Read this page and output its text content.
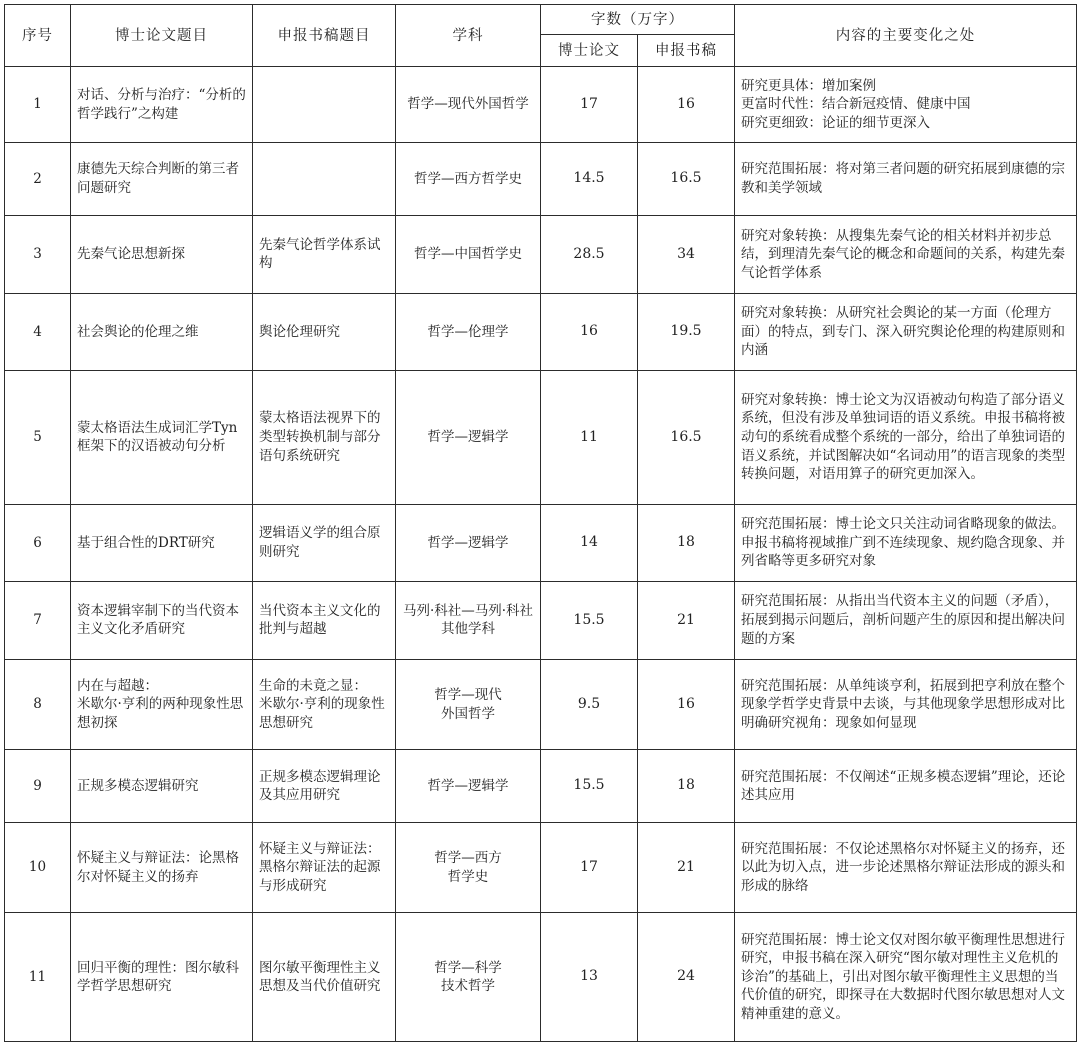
序号	博士论文题目	申报书稿题目	学科	字数（万字）		内容的主要变化之处
				博士论文	申报书稿	
1	对话、分析与治疗：“分析的哲学践行”之构建		哲学—现代外国哲学	17	16	研究更具体：增加案例
更富时代性：结合新冠疫情、健康中国
研究更细致：论证的细节更深入

2	康德先天综合判断的第三者问题研究		哲学—西方哲学史	14.5	16.5	研究范围拓展：将对第三者问题的研究拓展到康德的宗教和美学领域
3	先秦气论思想新探	先秦气论哲学体系试构	哲学—中国哲学史	28.5	34	研究对象转换：从搜集先秦气论的相关材料并初步总结，到理清先秦气论的概念和命题间的关系，构建先秦气论哲学体系
4	社会舆论的伦理之维	舆论伦理研究	哲学—伦理学	16	19.5	研究对象转换：从研究社会舆论的某一方面（伦理方面）的特点，到专门、深入研究舆论伦理的构建原则和内涵
5	蒙太格语法生成词汇学Tyn框架下的汉语被动句分析	蒙太格语法视界下的类型转换机制与部分语句系统研究	哲学—逻辑学	11	16.5	研究对象转换：博士论文为汉语被动句构造了部分语义系统，但没有涉及单独词语的语义系统。申报书稿将被动句的系统看成整个系统的一部分，给出了单独词语的语义系统，并试图解决如“名词动用”的语言现象的类型转换问题，对语用算子的研究更加深入。
6	基于组合性的DRT研究	逻辑语义学的组合原则研究	哲学—逻辑学	14	18	研究范围拓展：博士论文只关注动词省略现象的做法。申报书稿将视域推广到不连续现象、规约隐含现象、并列省略等更多研究对象
7	资本逻辑宰制下的当代资本主义文化矛盾研究	当代资本主义文化的批判与超越	马列·科社—马列·科社其他学科	15.5	21	研究范围拓展：从指出当代资本主义的问题（矛盾），拓展到揭示问题后，剖析问题产生的原因和提出解决问题的方案
8	内在与超越：
米歇尔·亨利的两种现象性思想初探	生命的未竟之显：
米歇尔·亨利的现象性思想研究	哲学—现代
外国哲学	9.5	16	研究范围拓展：从单纯谈亨利，拓展到把亨利放在整个现象学哲学史背景中去谈，与其他现象学思想形成对比
明确研究视角：现象如何显现

9	正规多模态逻辑研究	正规多模态逻辑理论及其应用研究	哲学—逻辑学	15.5	18	研究范围拓展：不仅阐述“正规多模态逻辑”理论，还论述其应用
10	怀疑主义与辩证法：论黑格尔对怀疑主义的扬弃	怀疑主义与辩证法：黑格尔辩证法的起源与形成研究	哲学—西方
哲学史	17	21	研究范围拓展：不仅论述黑格尔对怀疑主义的扬弃，还以此为切入点，进一步论述黑格尔辩证法形成的源头和形成的脉络
11	回归平衡的理性：图尔敏科学哲学思想研究	图尔敏平衡理性主义思想及当代价值研究	哲学—科学
技术哲学	13	24	研究范围拓展：博士论文仅对图尔敏平衡理性思想进行研究，申报书稿在深入研究“图尔敏对理性主义危机的诊治”的基础上，引出对图尔敏平衡理性主义思想的当代价值的研究，即探寻在大数据时代图尔敏思想对人文精神重建的意义。
